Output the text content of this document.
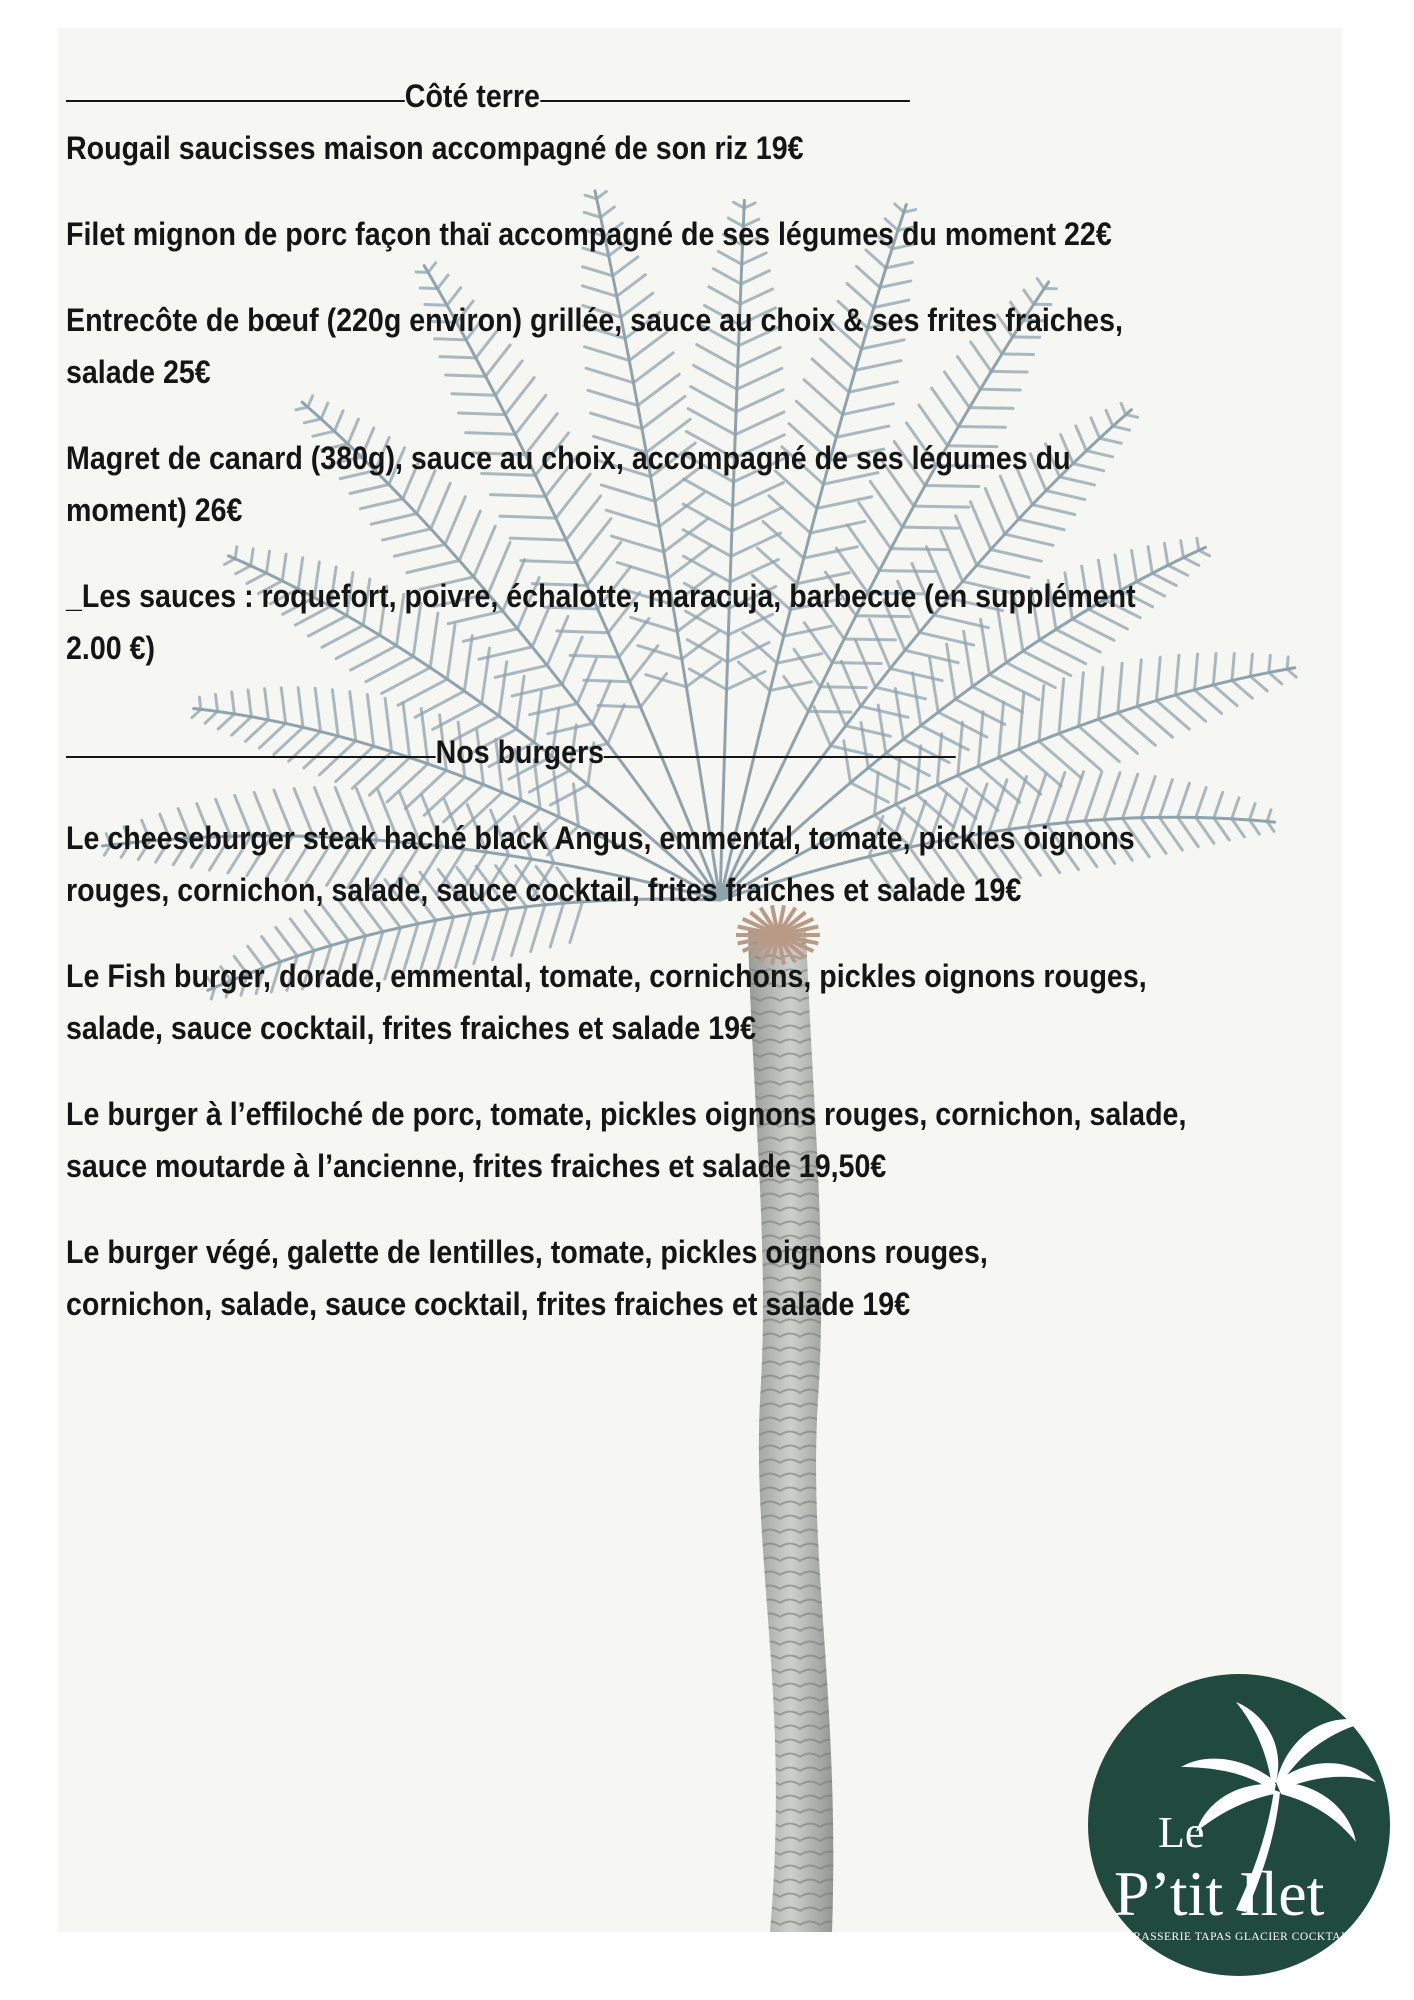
Côté terre

Rougail saucisses maison accompagné de son riz 19€

Filet mignon de porc façon thaï accompagné de ses légumes du moment 22€

Entrecôte de bœuf (220g environ) grillée, sauce au choix & ses frites fraiches, salade 25€

Magret de canard (380g), sauce au choix, accompagné de ses légumes du moment) 26€

_Les sauces : roquefort, poivre, échalotte, maracuja, barbecue (en supplément 2.00 €)

Nos burgers

Le cheeseburger steak haché black Angus, emmental, tomate, pickles oignons rouges, cornichon, salade, sauce cocktail, frites fraiches et salade 19€

Le Fish burger, dorade, emmental, tomate, cornichons, pickles oignons rouges, salade, sauce cocktail, frites fraiches et salade 19€

Le burger à l’effiloché de porc, tomate, pickles oignons rouges, cornichon, salade, sauce moutarde à l’ancienne, frites fraiches et salade 19,50€

Le burger végé, galette de lentilles, tomate, pickles oignons rouges, cornichon, salade, sauce cocktail, frites fraiches et salade 19€

Le
P’tit Ilet
BRASSERIE TAPAS GLACIER COCKTAIL
